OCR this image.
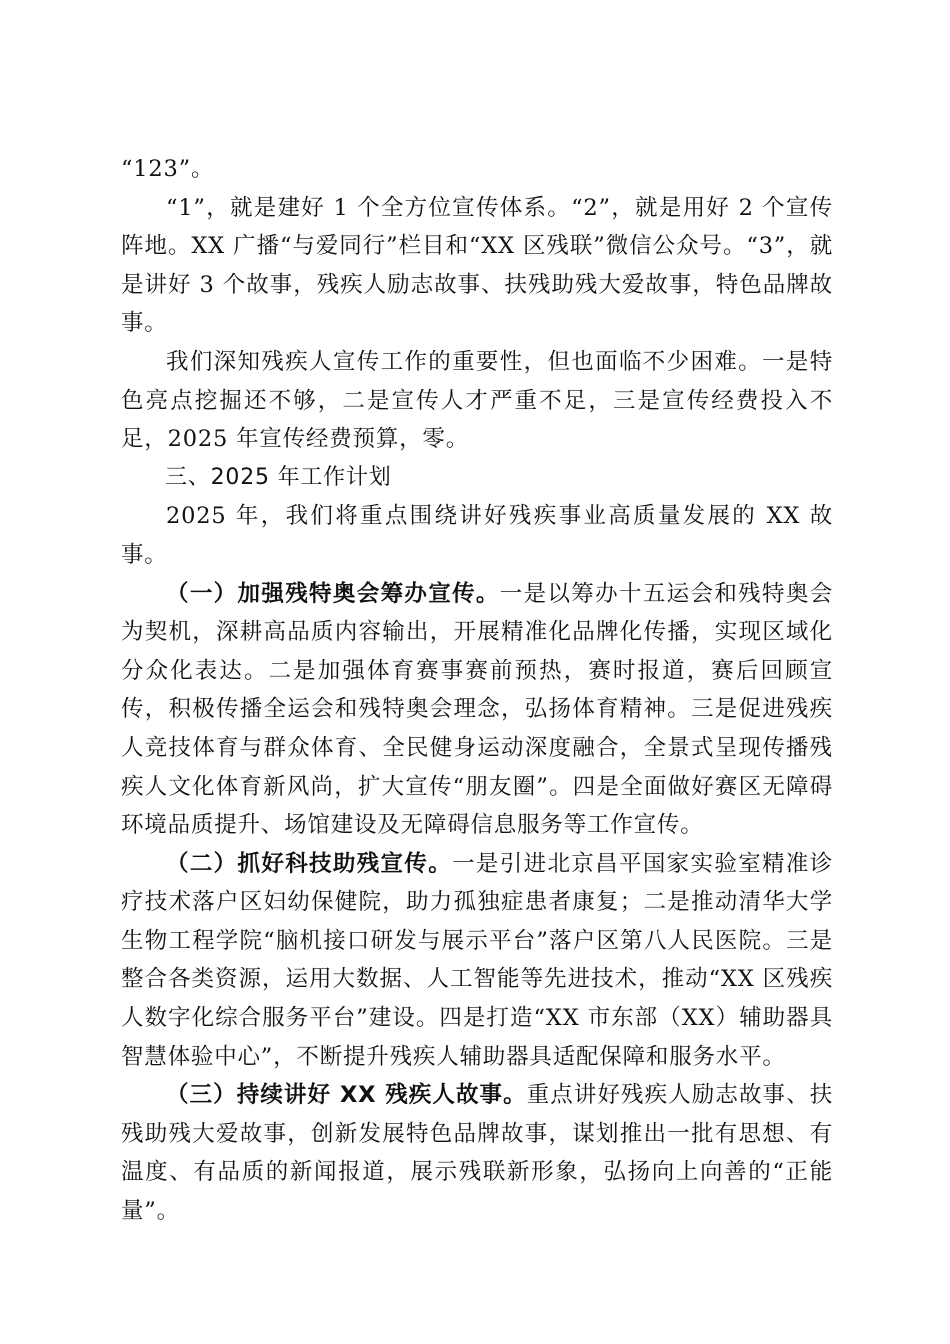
“123”。

“1”，就是建好 1 个全方位宣传体系。“2”，就是用好 2 个宣传阵地。XX 广播“与爱同行”栏目和“XX 区残联”微信公众号。“3”，就是讲好 3 个故事，残疾人励志故事、扶残助残大爱故事，特色品牌故事。

我们深知残疾人宣传工作的重要性，但也面临不少困难。一是特色亮点挖掘还不够，二是宣传人才严重不足，三是宣传经费投入不足，2025 年宣传经费预算，零。

三、2025 年工作计划

2025 年，我们将重点围绕讲好残疾事业高质量发展的 XX 故事。

（一）加强残特奥会筹办宣传。一是以筹办十五运会和残特奥会为契机，深耕高品质内容输出，开展精准化品牌化传播，实现区域化分众化表达。二是加强体育赛事赛前预热，赛时报道，赛后回顾宣传，积极传播全运会和残特奥会理念，弘扬体育精神。三是促进残疾人竞技体育与群众体育、全民健身运动深度融合，全景式呈现传播残疾人文化体育新风尚，扩大宣传“朋友圈”。四是全面做好赛区无障碍环境品质提升、场馆建设及无障碍信息服务等工作宣传。

（二）抓好科技助残宣传。一是引进北京昌平国家实验室精准诊疗技术落户区妇幼保健院，助力孤独症患者康复；二是推动清华大学生物工程学院“脑机接口研发与展示平台”落户区第八人民医院。三是整合各类资源，运用大数据、人工智能等先进技术，推动“XX 区残疾人数字化综合服务平台”建设。四是打造“XX 市东部（XX）辅助器具智慧体验中心”，不断提升残疾人辅助器具适配保障和服务水平。

（三）持续讲好 XX 残疾人故事。重点讲好残疾人励志故事、扶残助残大爱故事，创新发展特色品牌故事，谋划推出一批有思想、有温度、有品质的新闻报道，展示残联新形象，弘扬向上向善的“正能量”。
